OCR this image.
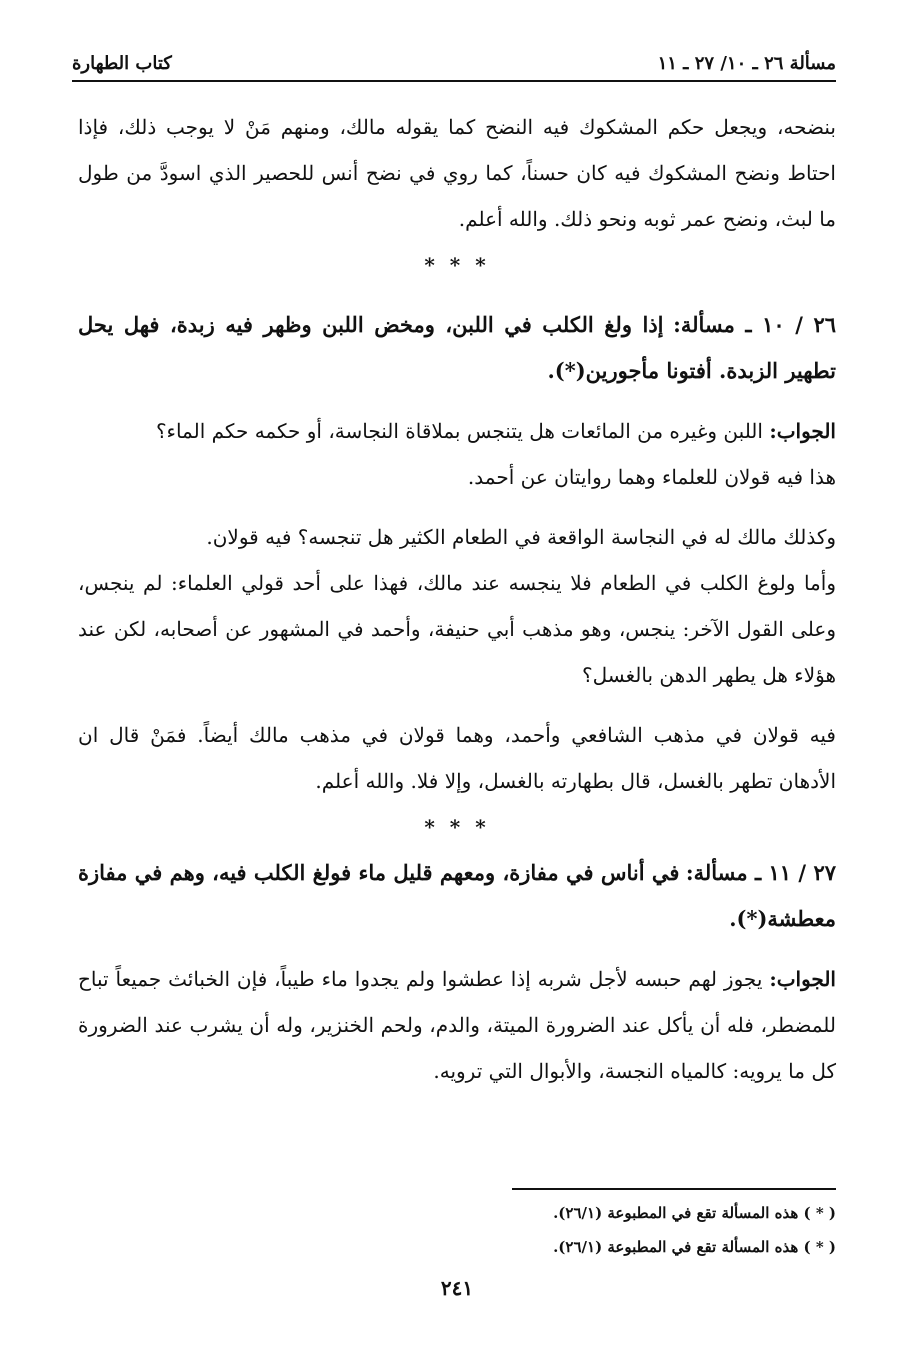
مسألة ٢٦ ـ ١٠/ ٢٧ ـ ١١
كتاب الطهارة

بنضحه، ويجعل حكم المشكوك فيه النضح كما يقوله مالك، ومنهم مَنْ لا يوجب ذلك، فإذا احتاط ونضح المشكوك فيه كان حسناً، كما روي في نضح أنس للحصير الذي اسودَّ من طول ما لبث، ونضح عمر ثوبه ونحو ذلك. والله أعلم.

* * *

٢٦ / ١٠ ـ مسألة: إذا ولغ الكلب في اللبن، ومخض اللبن وظهر فيه زبدة، فهل يحل تطهير الزبدة. أفتونا مأجورين(*).

الجواب: اللبن وغيره من المائعات هل يتنجس بملاقاة النجاسة، أو حكمه حكم الماء؟

هذا فيه قولان للعلماء وهما روايتان عن أحمد.

وكذلك مالك له في النجاسة الواقعة في الطعام الكثير هل تنجسه؟ فيه قولان.

وأما ولوغ الكلب في الطعام فلا ينجسه عند مالك، فهذا على أحد قولي العلماء: لم ينجس، وعلى القول الآخر: ينجس، وهو مذهب أبي حنيفة، وأحمد في المشهور عن أصحابه، لكن عند هؤلاء هل يطهر الدهن بالغسل؟

فيه قولان في مذهب الشافعي وأحمد، وهما قولان في مذهب مالك أيضاً. فمَنْ قال ان الأدهان تطهر بالغسل، قال بطهارته بالغسل، وإلا فلا. والله أعلم.

* * *

٢٧ / ١١ ـ مسألة: في أناس في مفازة، ومعهم قليل ماء فولغ الكلب فيه، وهم في مفازة معطشة(*).

الجواب: يجوز لهم حبسه لأجل شربه إذا عطشوا ولم يجدوا ماء طيباً، فإن الخبائث جميعاً تباح للمضطر، فله أن يأكل عند الضرورة الميتة، والدم، ولحم الخنزير، وله أن يشرب عند الضرورة كل ما يرويه: كالمياه النجسة، والأبوال التي ترويه.

( * ) هذه المسألة تقع في المطبوعة (٢٦/١).

( * ) هذه المسألة تقع في المطبوعة (٢٦/١).

٢٤١
